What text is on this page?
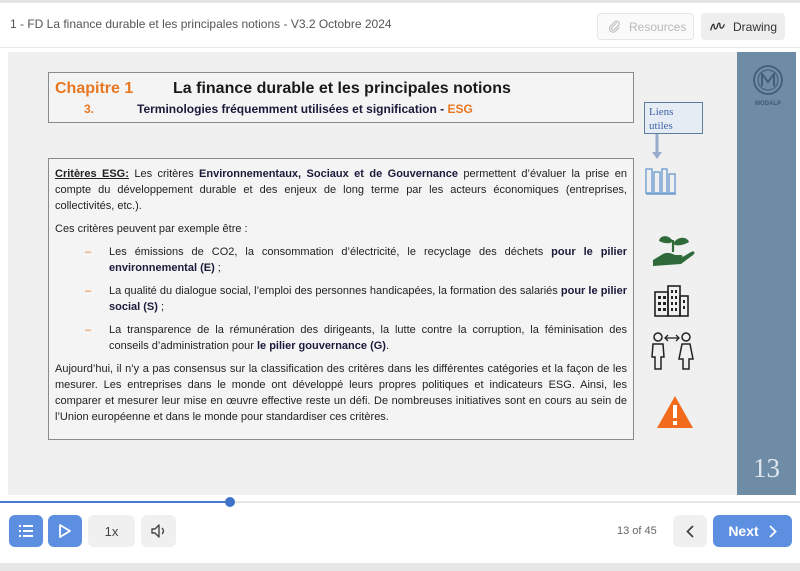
1 - FD La finance durable et les principales notions - V3.2 Octobre 2024	Resources	Drawing
MODALP
13
Chapitre 1 La finance durable et les principales notions
3.	Terminologies fréquemment utilisées et signification - ESG	Liens
utiles

Critères ESG: Les critères Environnementaux, Sociaux et de Gouvernance permettent d’évaluer la prise en compte du développement durable et des enjeux de long terme par les acteurs économiques (entreprises, collectivités, etc.).

Ces critères peuvent par exemple être :

– Les émissions de CO2, la consommation d’électricité, le recyclage des déchets pour le pilier environnemental (E) ;
– La qualité du dialogue social, l’emploi des personnes handicapées, la formation des salariés pour le pilier social (S) ;
– La transparence de la rémunération des dirigeants, la lutte contre la corruption, la féminisation des conseils d’administration pour le pilier gouvernance (G).

Aujourd’hui, il n’y a pas consensus sur la classification des critères dans les différentes catégories et la façon de les mesurer. Les entreprises dans le monde ont développé leurs propres politiques et indicateurs ESG. Ainsi, les comparer et mesurer leur mise en œuvre effective reste un défi. De nombreuses initiatives sont en cours au sein de l’Union européenne et dans le monde pour standardiser ces critères.

1x	13 of 45	Next
